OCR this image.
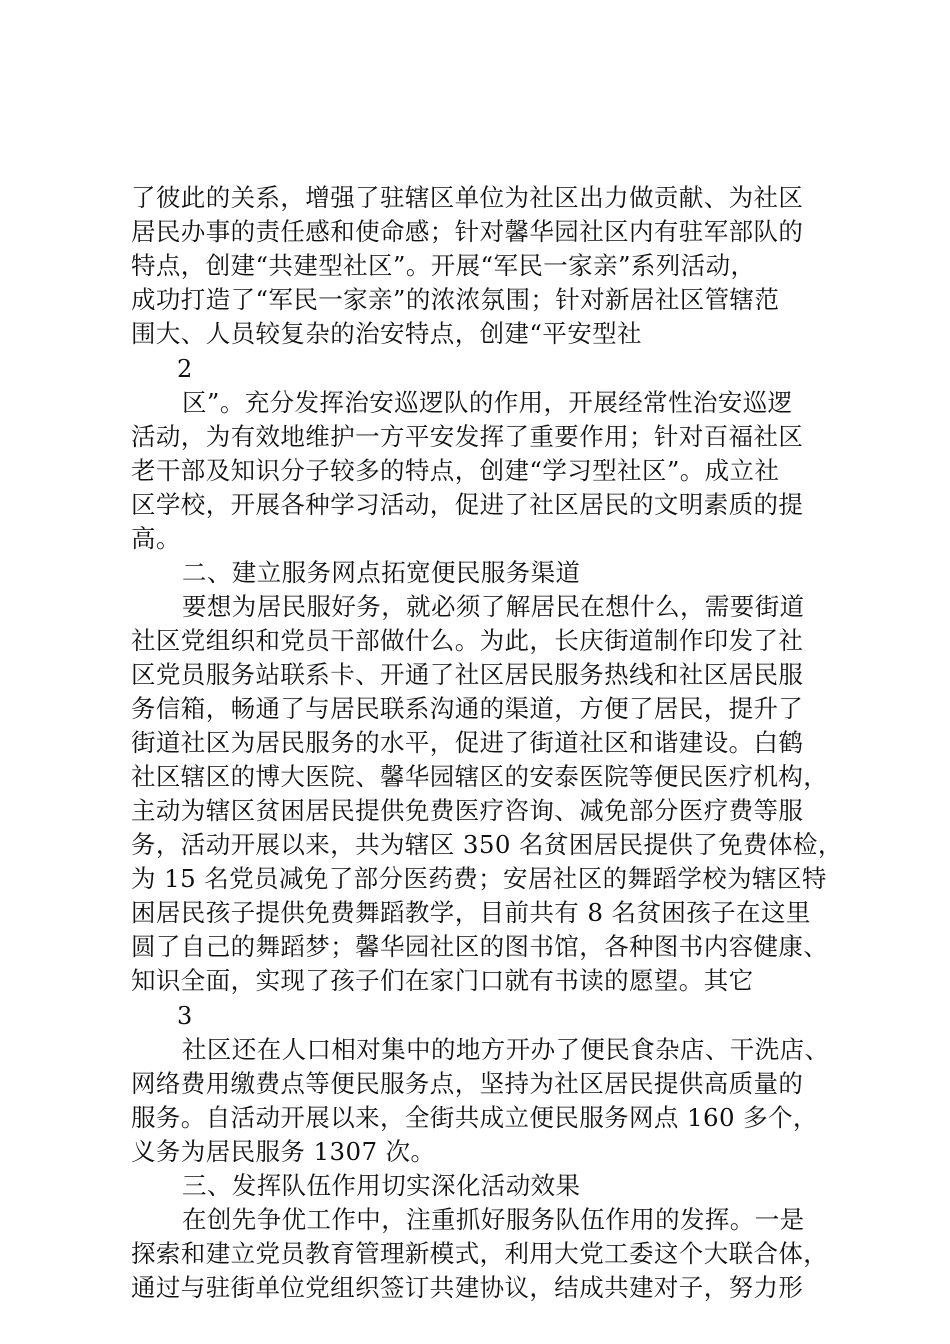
了彼此的关系，增强了驻辖区单位为社区出力做贡献、为社区
居民办事的责任感和使命感；针对馨华园社区内有驻军部队的
特点，创建“共建型社区”。开展“军民一家亲”系列活动，
成功打造了“军民一家亲”的浓浓氛围；针对新居社区管辖范
围大、人员较复杂的治安特点，创建“平安型社
2
区”。充分发挥治安巡逻队的作用，开展经常性治安巡逻
活动，为有效地维护一方平安发挥了重要作用；针对百福社区
老干部及知识分子较多的特点，创建“学习型社区”。成立社
区学校，开展各种学习活动，促进了社区居民的文明素质的提
高。
二、建立服务网点拓宽便民服务渠道
要想为居民服好务，就必须了解居民在想什么，需要街道
社区党组织和党员干部做什么。为此，长庆街道制作印发了社
区党员服务站联系卡、开通了社区居民服务热线和社区居民服
务信箱，畅通了与居民联系沟通的渠道，方便了居民，提升了
街道社区为居民服务的水平，促进了街道社区和谐建设。白鹤
社区辖区的博大医院、馨华园辖区的安泰医院等便民医疗机构，
主动为辖区贫困居民提供免费医疗咨询、减免部分医疗费等服
务，活动开展以来，共为辖区 350 名贫困居民提供了免费体检，
为 15 名党员减免了部分医药费；安居社区的舞蹈学校为辖区特
困居民孩子提供免费舞蹈教学，目前共有 8 名贫困孩子在这里
圆了自己的舞蹈梦；馨华园社区的图书馆，各种图书内容健康、
知识全面，实现了孩子们在家门口就有书读的愿望。其它
3
社区还在人口相对集中的地方开办了便民食杂店、干洗店、
网络费用缴费点等便民服务点，坚持为社区居民提供高质量的
服务。自活动开展以来，全街共成立便民服务网点 160 多个，
义务为居民服务 1307 次。
三、发挥队伍作用切实深化活动效果
在创先争优工作中，注重抓好服务队伍作用的发挥。一是
探索和建立党员教育管理新模式，利用大党工委这个大联合体，
通过与驻街单位党组织签订共建协议，结成共建对子，努力形
